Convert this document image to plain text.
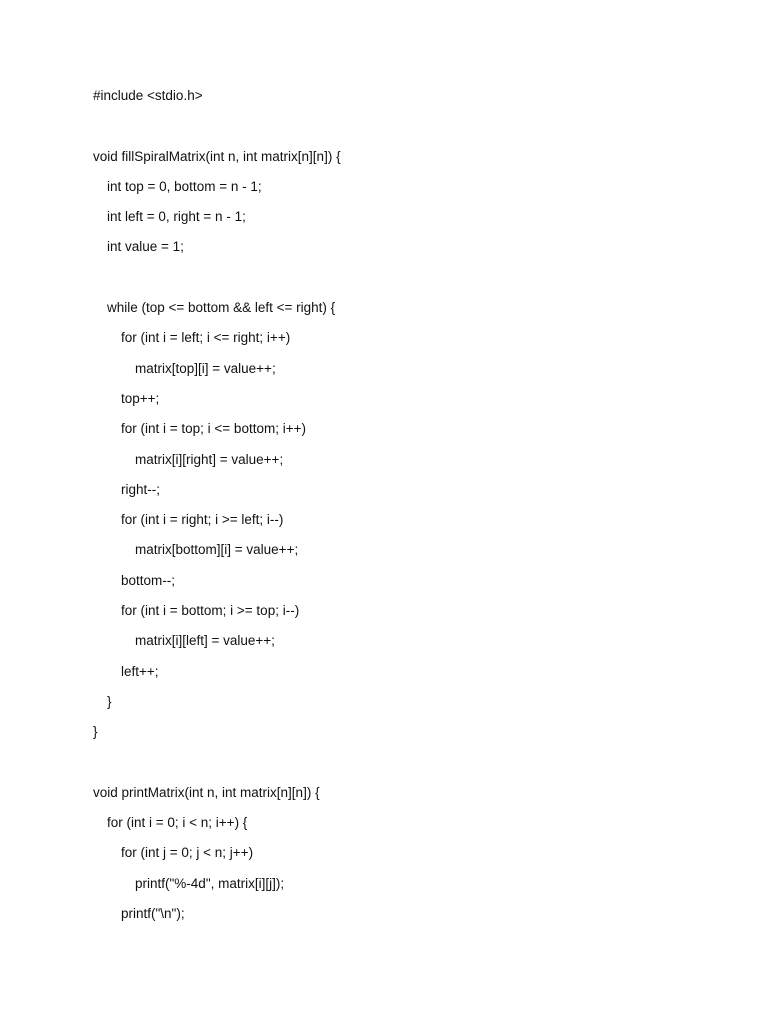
#include <stdio.h>
void fillSpiralMatrix(int n, int matrix[n][n]) {
int top = 0, bottom = n - 1;
int left = 0, right = n - 1;
int value = 1;
while (top <= bottom && left <= right) {
for (int i = left; i <= right; i++)
matrix[top][i] = value++;
top++;
for (int i = top; i <= bottom; i++)
matrix[i][right] = value++;
right--;
for (int i = right; i >= left; i--)
matrix[bottom][i] = value++;
bottom--;
for (int i = bottom; i >= top; i--)
matrix[i][left] = value++;
left++;
}
}
void printMatrix(int n, int matrix[n][n]) {
for (int i = 0; i < n; i++) {
for (int j = 0; j < n; j++)
printf("%-4d", matrix[i][j]);
printf("\n");
